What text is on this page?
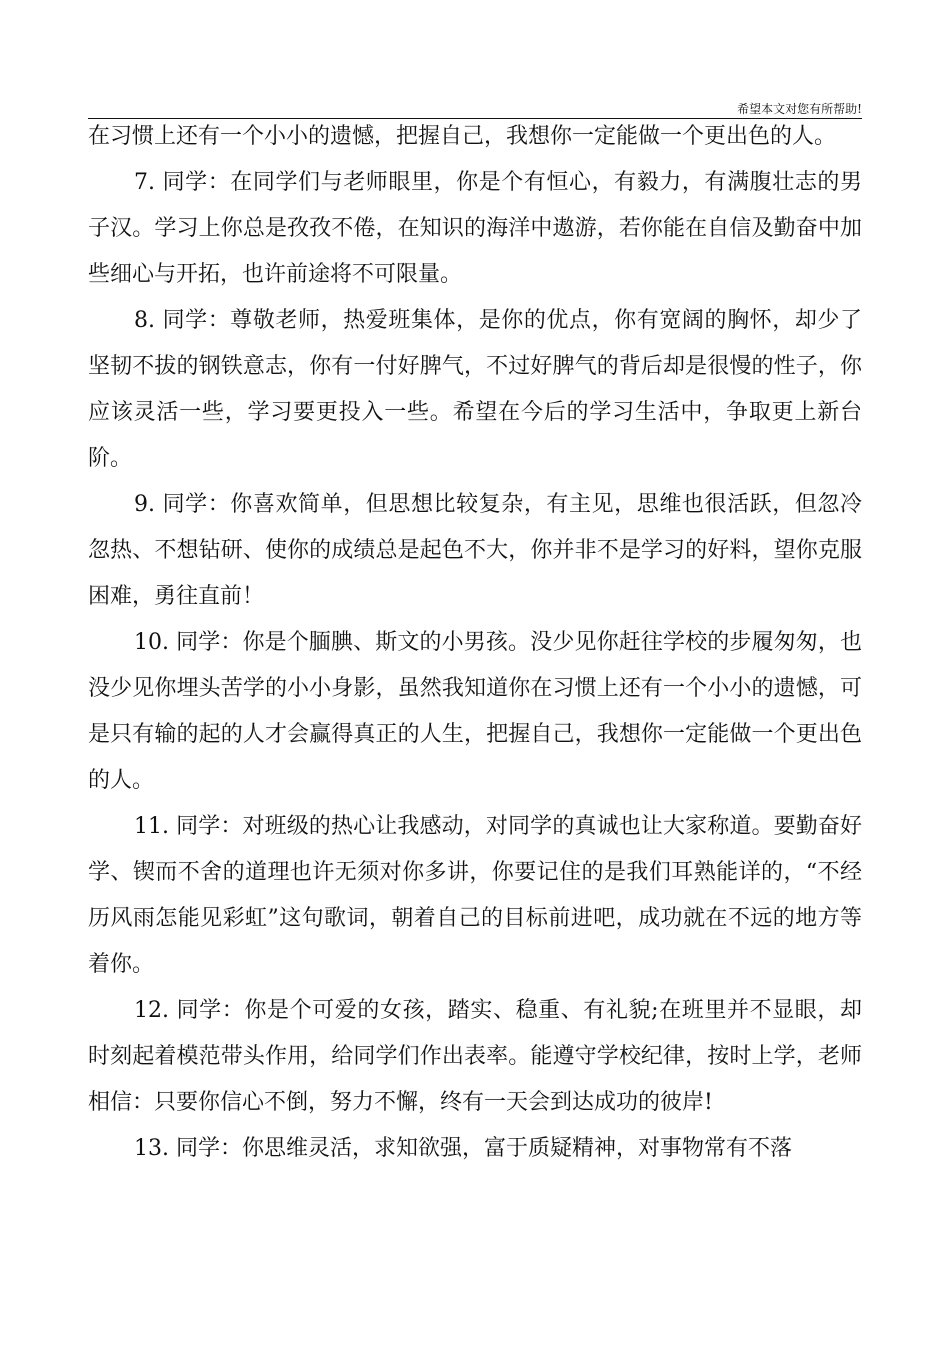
希望本文对您有所帮助!

在习惯上还有一个小小的遗憾，把握自己，我想你一定能做一个更出色的人。

7. 同学：在同学们与老师眼里，你是个有恒心，有毅力，有满腹壮志的男子汉。学习上你总是孜孜不倦，在知识的海洋中遨游，若你能在自信及勤奋中加些细心与开拓，也许前途将不可限量。

8. 同学：尊敬老师，热爱班集体，是你的优点，你有宽阔的胸怀，却少了坚韧不拔的钢铁意志，你有一付好脾气，不过好脾气的背后却是很慢的性子，你应该灵活一些，学习要更投入一些。希望在今后的学习生活中，争取更上新台阶。

9. 同学：你喜欢简单，但思想比较复杂，有主见，思维也很活跃，但忽冷忽热、不想钻研、使你的成绩总是起色不大，你并非不是学习的好料，望你克服困难，勇往直前！

10. 同学：你是个腼腆、斯文的小男孩。没少见你赶往学校的步履匆匆，也没少见你埋头苦学的小小身影，虽然我知道你在习惯上还有一个小小的遗憾，可是只有输的起的人才会赢得真正的人生，把握自己，我想你一定能做一个更出色的人。

11. 同学：对班级的热心让我感动，对同学的真诚也让大家称道。要勤奋好学、锲而不舍的道理也许无须对你多讲，你要记住的是我们耳熟能详的，“不经历风雨怎能见彩虹”这句歌词，朝着自己的目标前进吧，成功就在不远的地方等着你。

12. 同学：你是个可爱的女孩，踏实、稳重、有礼貌;在班里并不显眼，却时刻起着模范带头作用，给同学们作出表率。能遵守学校纪律，按时上学，老师相信：只要你信心不倒，努力不懈，终有一天会到达成功的彼岸!

13. 同学：你思维灵活，求知欲强，富于质疑精神，对事物常有不落
